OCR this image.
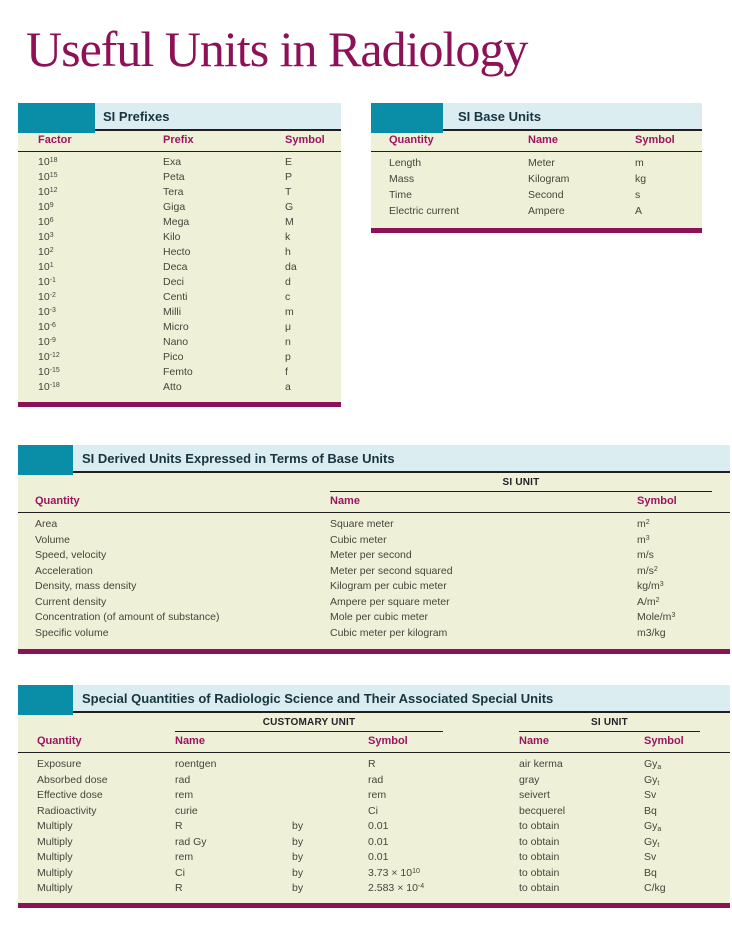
Useful Units in Radiology
SI Prefixes
Factor	Prefix	Symbol
$10^{18}$	Exa	E
$10^{15}$	Peta	P
$10^{12}$	Tera	T
$10^9$	Giga	G
$10^6$	Mega	M
$10^3$	Kilo	k
$10^2$	Hecto	h
$10^1$	Deca	da
$10^{-1}$	Deci	d
$10^{-2}$	Centi	c
$10^{-3}$	Milli	m
$10^{-6}$	Micro	μ
$10^{-9}$	Nano	n
$10^{-12}$	Pico	p
$10^{-15}$	Femto	f
$10^{-18}$	Atto	a
SI Base Units
Quantity	Name	Symbol
Length	Meter	m
Mass	Kilogram	kg
Time	Second	s
Electric current	Ampere	A
SI Derived Units Expressed in Terms of Base Units
SI UNIT
Quantity	Name	Symbol
Area	Square meter	$m^2$
Volume	Cubic meter	$m^3$
Speed, velocity	Meter per second	m/s
Acceleration	Meter per second squared	$m/s^2$
Density, mass density	Kilogram per cubic meter	$kg/m^3$
Current density	Ampere per square meter	$A/m^2$
Concentration (of amount of substance)	Mole per cubic meter	Mole/$m^3$
Specific volume	Cubic meter per kilogram	m3/kg
Special Quantities of Radiologic Science and Their Associated Special Units
CUSTOMARY UNIT	SI UNIT
Quantity	Name	Symbol	Name	Symbol
Exposure	roentgen	R	air kerma	$Gy_a$
Absorbed dose	rad	rad	gray	$Gy_t$
Effective dose	rem	rem	seivert	Sv
Radioactivity	curie	Ci	becquerel	Bq
Multiply	R	by	0.01	to obtain	$Gy_a$
Multiply	rad Gy	by	0.01	to obtain	$Gy_t$
Multiply	rem	by	0.01	to obtain	Sv
Multiply	Ci	by	$3.73 \times 10^{10}$	to obtain	Bq
Multiply	R	by	$2.583 \times 10^{-4}$	to obtain	C/kg
